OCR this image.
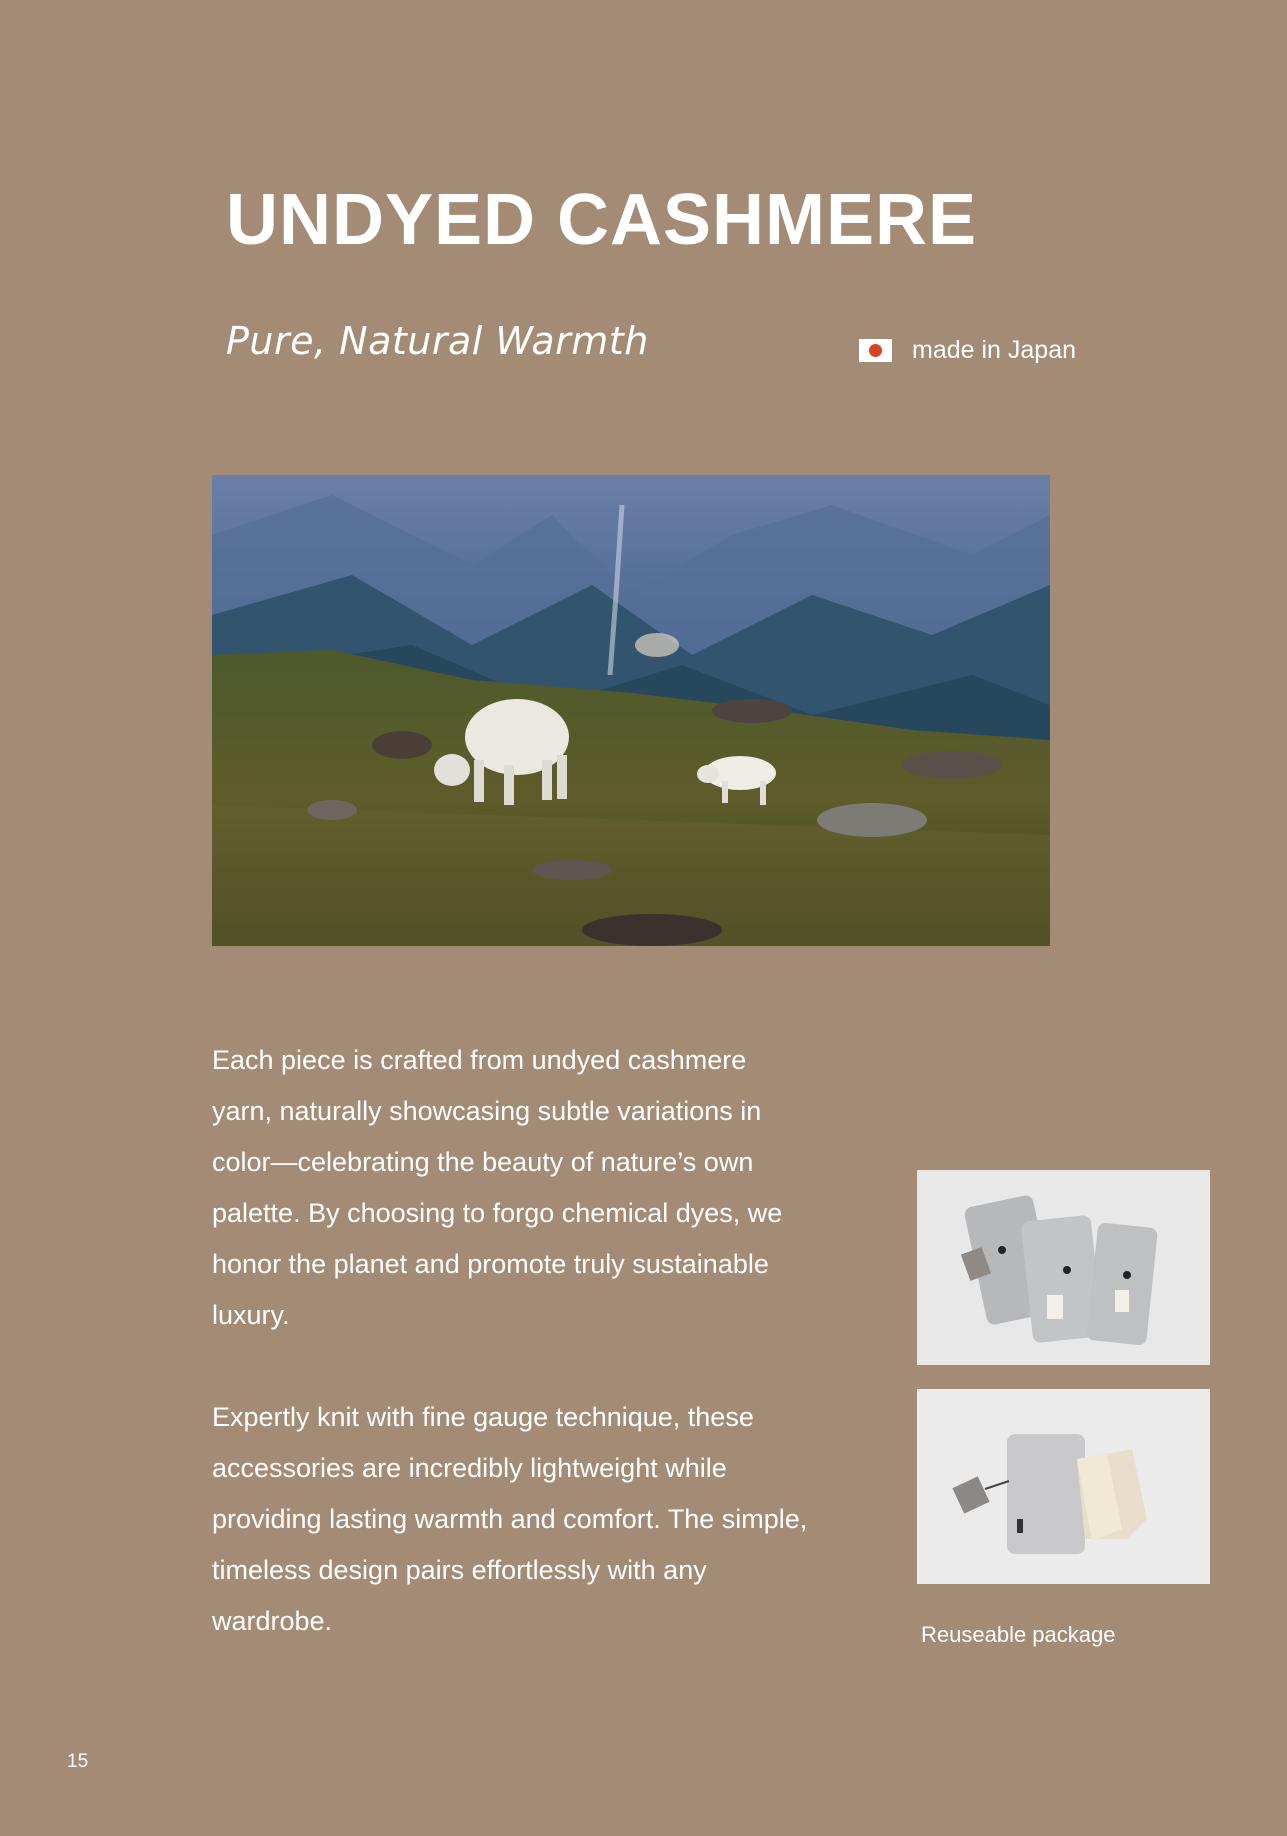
UNDYED CASHMERE
Pure, Natural Warmth	made in Japan

Each piece is crafted from undyed cashmere yarn, naturally showcasing subtle variations in color—celebrating the beauty of nature’s own palette. By choosing to forgo chemical dyes, we honor the planet and promote truly sustainable luxury.

Expertly knit with fine gauge technique, these accessories are incredibly lightweight while providing lasting warmth and comfort. The simple, timeless design pairs effortlessly with any wardrobe.	Reuseable package
15
